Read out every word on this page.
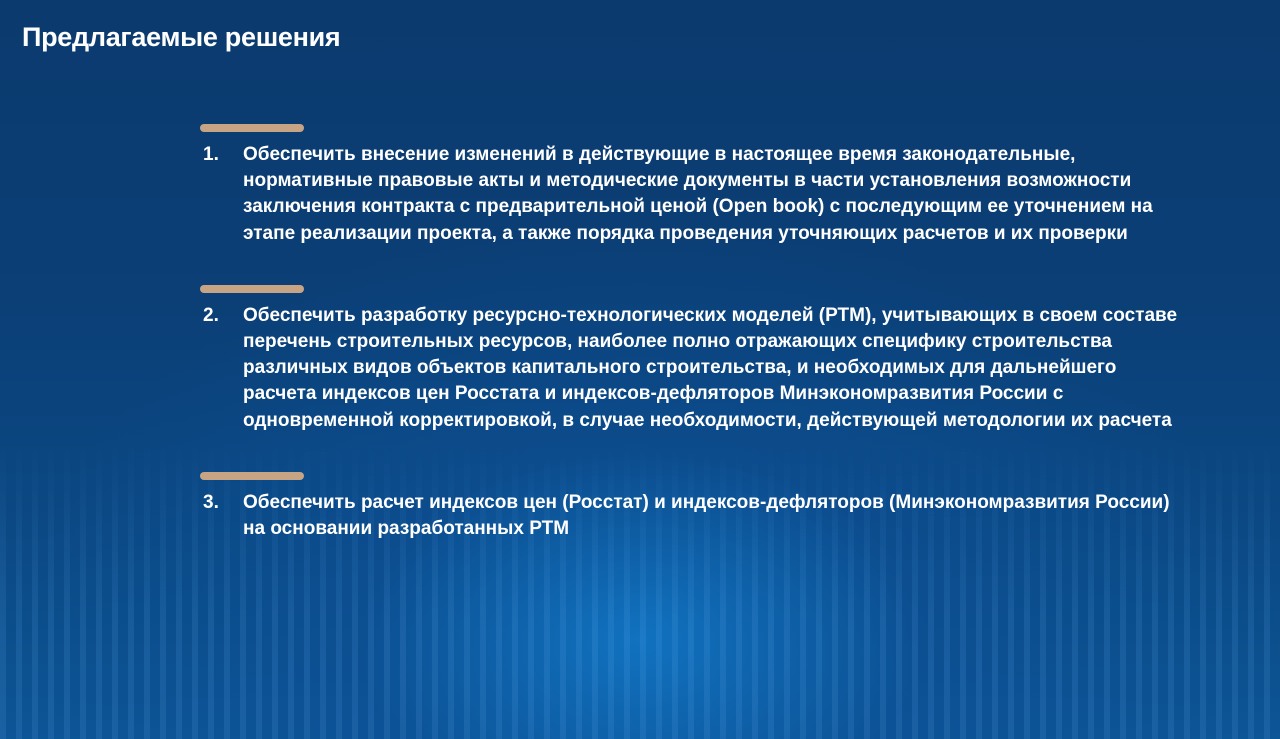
Предлагаемые решения
1.	Обеспечить внесение изменений в действующие в настоящее время законодательные, нормативные правовые акты и методические документы в части установления возможности заключения контракта с предварительной ценой (Open book) с последующим ее уточнением на этапе реализации проекта, а также порядка проведения уточняющих расчетов и их проверки
2.	Обеспечить разработку ресурсно-технологических моделей (РТМ), учитывающих в своем составе перечень строительных ресурсов, наиболее полно отражающих специфику строительства различных видов объектов капитального строительства, и необходимых для дальнейшего расчета индексов цен Росстата и индексов-дефляторов Минэкономразвития России с одновременной корректировкой, в случае необходимости, действующей методологии их расчета
3.	Обеспечить расчет индексов цен (Росстат) и индексов-дефляторов (Минэкономразвития России) на основании разработанных РТМ
